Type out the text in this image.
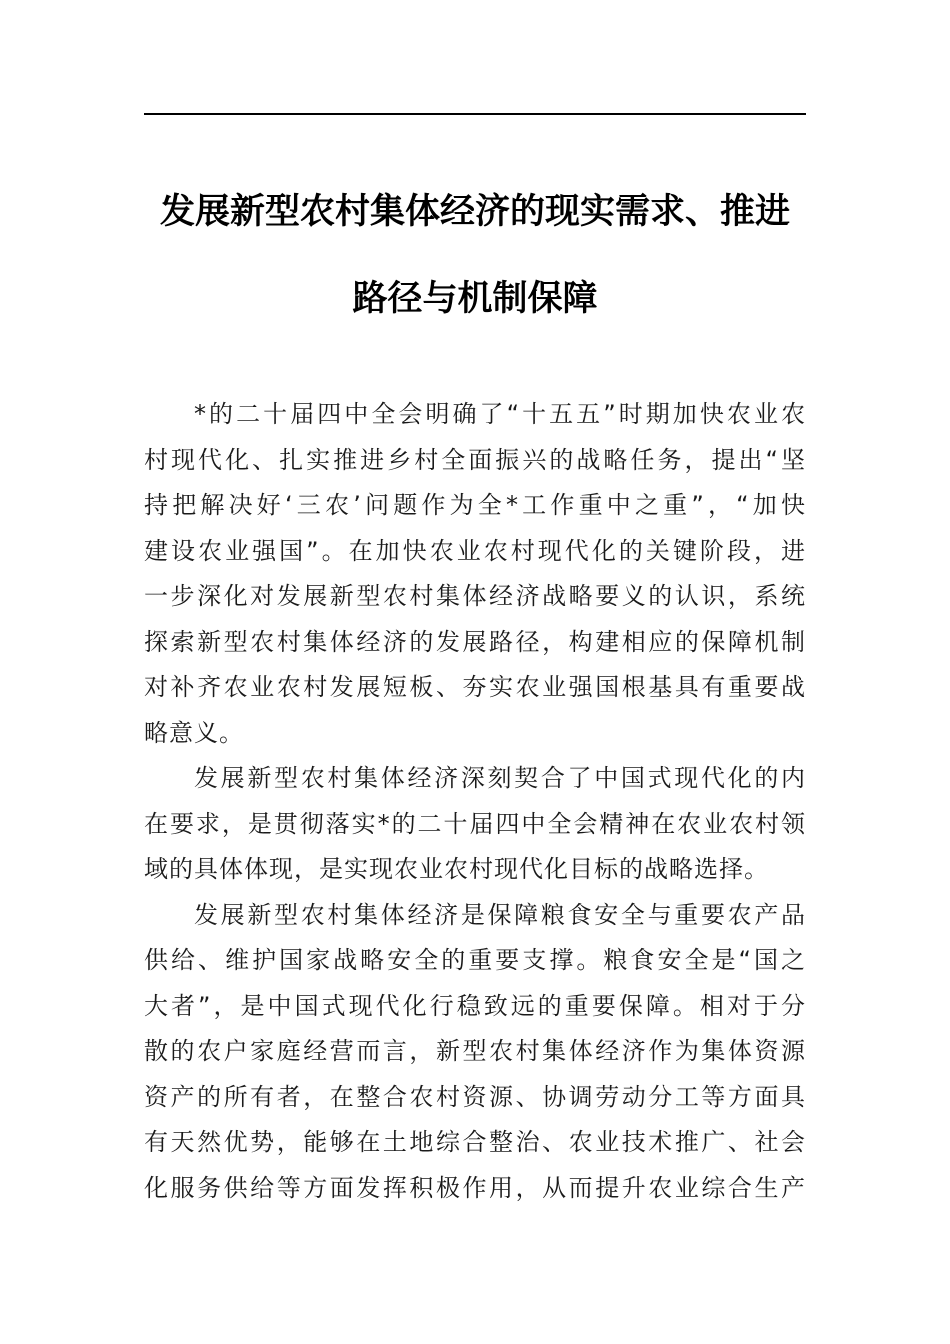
发展新型农村集体经济的现实需求、推进
路径与机制保障

*的二十届四中全会明确了“十五五”时期加快农业农
村现代化、扎实推进乡村全面振兴的战略任务，提出“坚
持把解决好‘三农’问题作为全*工作重中之重”，“加快
建设农业强国”。在加快农业农村现代化的关键阶段，进
一步深化对发展新型农村集体经济战略要义的认识，系统
探索新型农村集体经济的发展路径，构建相应的保障机制
对补齐农业农村发展短板、夯实农业强国根基具有重要战
略意义。

发展新型农村集体经济深刻契合了中国式现代化的内
在要求，是贯彻落实*的二十届四中全会精神在农业农村领
域的具体体现，是实现农业农村现代化目标的战略选择。

发展新型农村集体经济是保障粮食安全与重要农产品
供给、维护国家战略安全的重要支撑。粮食安全是“国之
大者”，是中国式现代化行稳致远的重要保障。相对于分
散的农户家庭经营而言，新型农村集体经济作为集体资源
资产的所有者，在整合农村资源、协调劳动分工等方面具
有天然优势，能够在土地综合整治、农业技术推广、社会
化服务供给等方面发挥积极作用，从而提升农业综合生产
